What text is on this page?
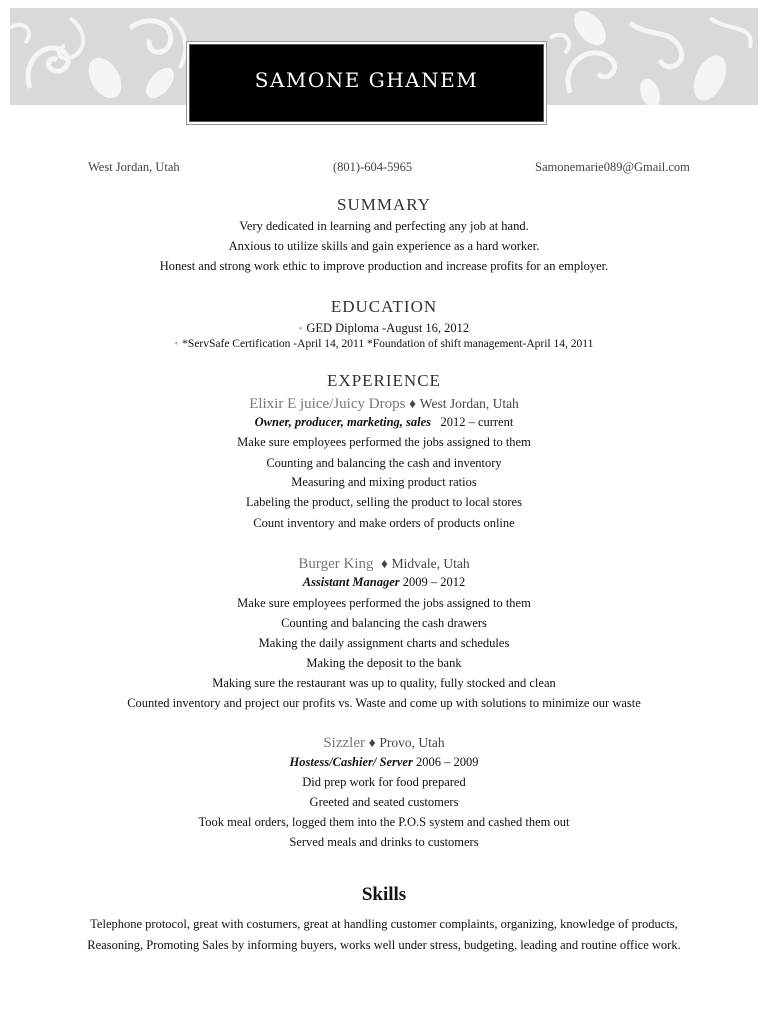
SAMONE GHANEM
West Jordan, Utah	(801)-604-5965	Samonemarie089@Gmail.com
SUMMARY
Very dedicated in learning and perfecting any job at hand.
Anxious to utilize skills and gain experience as a hard worker.
Honest and strong work ethic to improve production and increase profits for an employer.
EDUCATION
• GED Diploma -August 16, 2012
• *ServSafe Certification -April 14, 2011 *Foundation of shift management-April 14, 2011
EXPERIENCE
Elixir E juice/Juicy Drops ♦ West Jordan, Utah
Owner, producer, marketing, sales 2012 – current
Make sure employees performed the jobs assigned to them
Counting and balancing the cash and inventory
Measuring and mixing product ratios
Labeling the product, selling the product to local stores
Count inventory and make orders of products online
Burger King ♦ Midvale, Utah
Assistant Manager 2009 – 2012
Make sure employees performed the jobs assigned to them
Counting and balancing the cash drawers
Making the daily assignment charts and schedules
Making the deposit to the bank
Making sure the restaurant was up to quality, fully stocked and clean
Counted inventory and project our profits vs. Waste and come up with solutions to minimize our waste
Sizzler ♦ Provo, Utah
Hostess/Cashier/ Server 2006 – 2009
Did prep work for food prepared
Greeted and seated customers
Took meal orders, logged them into the P.O.S system and cashed them out
Served meals and drinks to customers
Skills
Telephone protocol, great with costumers, great at handling customer complaints, organizing, knowledge of products,
Reasoning, Promoting Sales by informing buyers, works well under stress, budgeting, leading and routine office work.
